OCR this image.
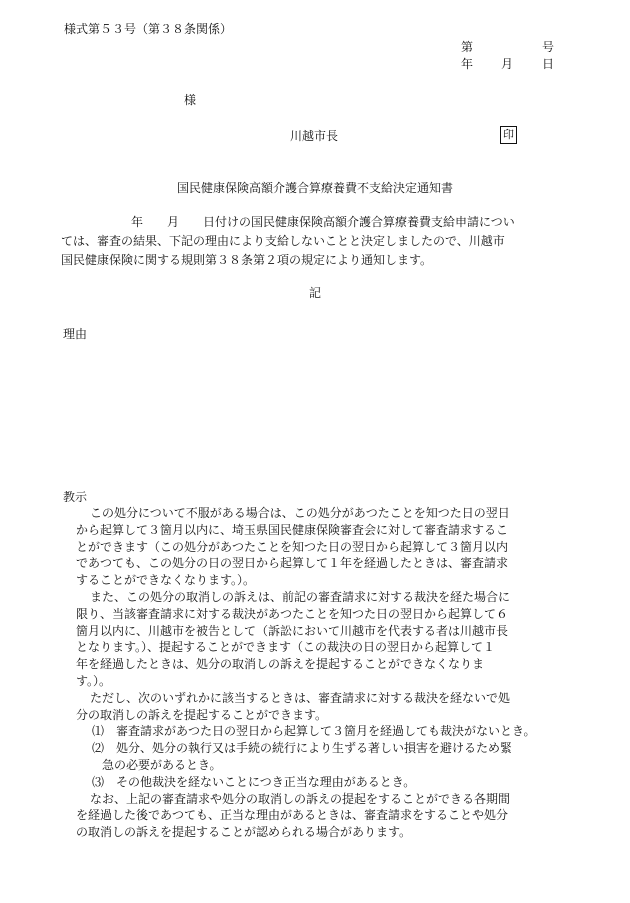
様式第５３号（第３８条関係）
第	号
年 月 日
様
川越市長	印
国民健康保険高額介護合算療養費不支給決定通知書
年　　月　　日付けの国民健康保険高額介護合算療養費支給申請につい
ては、審査の結果、下記の理由により支給しないことと決定しましたので、川越市
国民健康保険に関する規則第３８条第２項の規定により通知します。
記
理由
教示
この処分について不服がある場合は、この処分があつたことを知つた日の翌日
から起算して３箇月以内に、埼玉県国民健康保険審査会に対して審査請求するこ
とができます（この処分があつたことを知つた日の翌日から起算して３箇月以内
であつても、この処分の日の翌日から起算して１年を経過したときは、審査請求
することができなくなります。）。
また、この処分の取消しの訴えは、前記の審査請求に対する裁決を経た場合に
限り、当該審査請求に対する裁決があつたことを知つた日の翌日から起算して６
箇月以内に、川越市を被告として（訴訟において川越市を代表する者は川越市長
となります。）、提起することができます（この裁決の日の翌日から起算して１
年を経過したときは、処分の取消しの訴えを提起することができなくなりま
す。）。
ただし、次のいずれかに該当するときは、審査請求に対する裁決を経ないで処
分の取消しの訴えを提起することができます。
⑴　審査請求があつた日の翌日から起算して３箇月を経過しても裁決がないとき。
⑵　処分、処分の執行又は手続の続行により生ずる著しい損害を避けるため緊
急の必要があるとき。
⑶　その他裁決を経ないことにつき正当な理由があるとき。
なお、上記の審査請求や処分の取消しの訴えの提起をすることができる各期間
を経過した後であつても、正当な理由があるときは、審査請求をすることや処分
の取消しの訴えを提起することが認められる場合があります。
